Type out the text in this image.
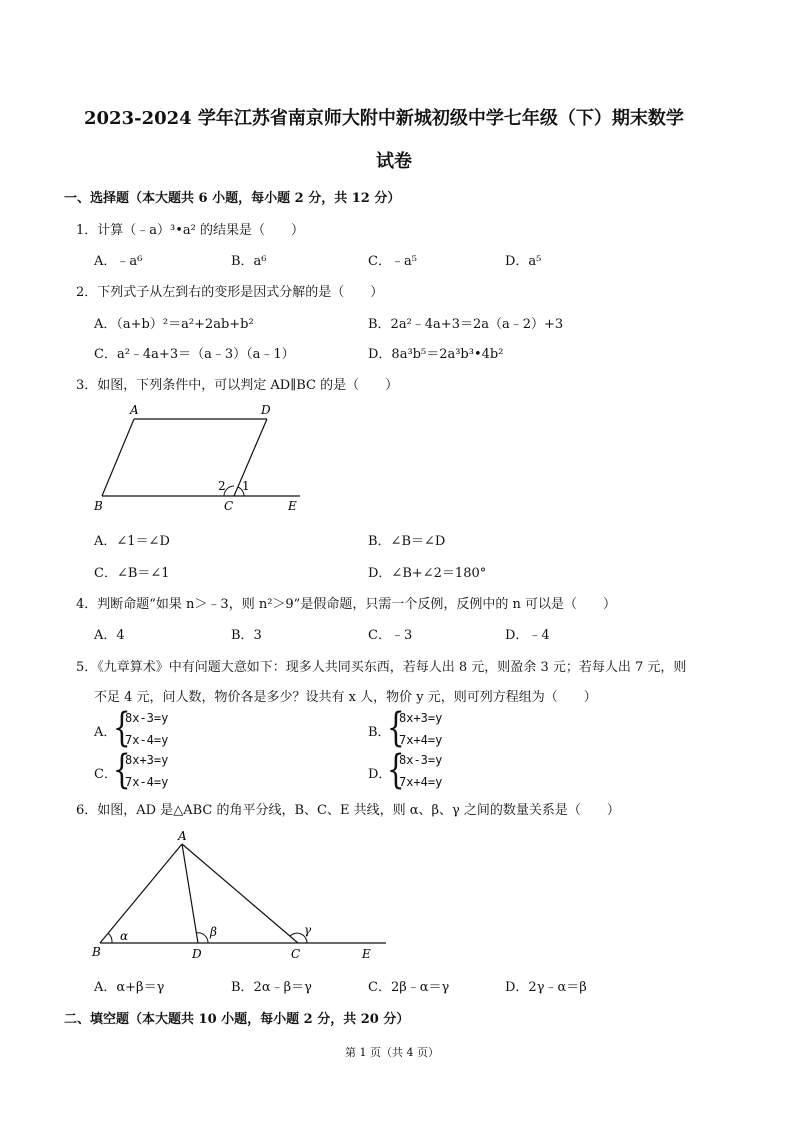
2023-2024 学年江苏省南京师大附中新城初级中学七年级（下）期末数学
试卷
一、选择题（本大题共 6 小题，每小题 2 分，共 12 分）
1．计算（﹣a）³•a² 的结果是（　　）
A．﹣a⁶	B．a⁶	C．﹣a⁵	D．a⁵
2．下列式子从左到右的变形是因式分解的是（　　）
A．（a+b）²＝a²+2ab+b²	B．2a²﹣4a+3＝2a（a﹣2）+3
C．a²﹣4a+3＝（a﹣3）（a﹣1）	D．8a³b⁵＝2a³b³•4b²
3．如图，下列条件中，可以判定 AD∥BC 的是（　　）
A	D
B	C	E
1
2
A．∠1＝∠D	B．∠B＝∠D
C．∠B＝∠1	D．∠B+∠2＝180°
4．判断命题“如果 n＞﹣3，则 n²＞9”是假命题，只需一个反例，反例中的 n 可以是（　　）
A．4	B．3	C．﹣3	D．﹣4
5．《九章算术》中有问题大意如下：现多人共同买东西，若每人出 8 元，则盈余 3 元；若每人出 7 元，则
不足 4 元，问人数，物价各是多少？设共有 x 人，物价 y 元，则可列方程组为（　　）
A．
{
8x-3=y
7x-4=y	B．
{
8x+3=y
7x+4=y
C．
{
8x+3=y
7x-4=y	D．
{
8x-3=y
7x+4=y
6．如图，AD 是△ABC 的角平分线，B、C、E 共线，则 α、β、γ 之间的数量关系是（　　）
A
B	D	C	E
α	β	γ
A．α+β＝γ	B．2α﹣β＝γ	C．2β﹣α＝γ	D．2γ﹣α＝β
二、填空题（本大题共 10 小题，每小题 2 分，共 20 分）
第 1 页（共 4 页）
